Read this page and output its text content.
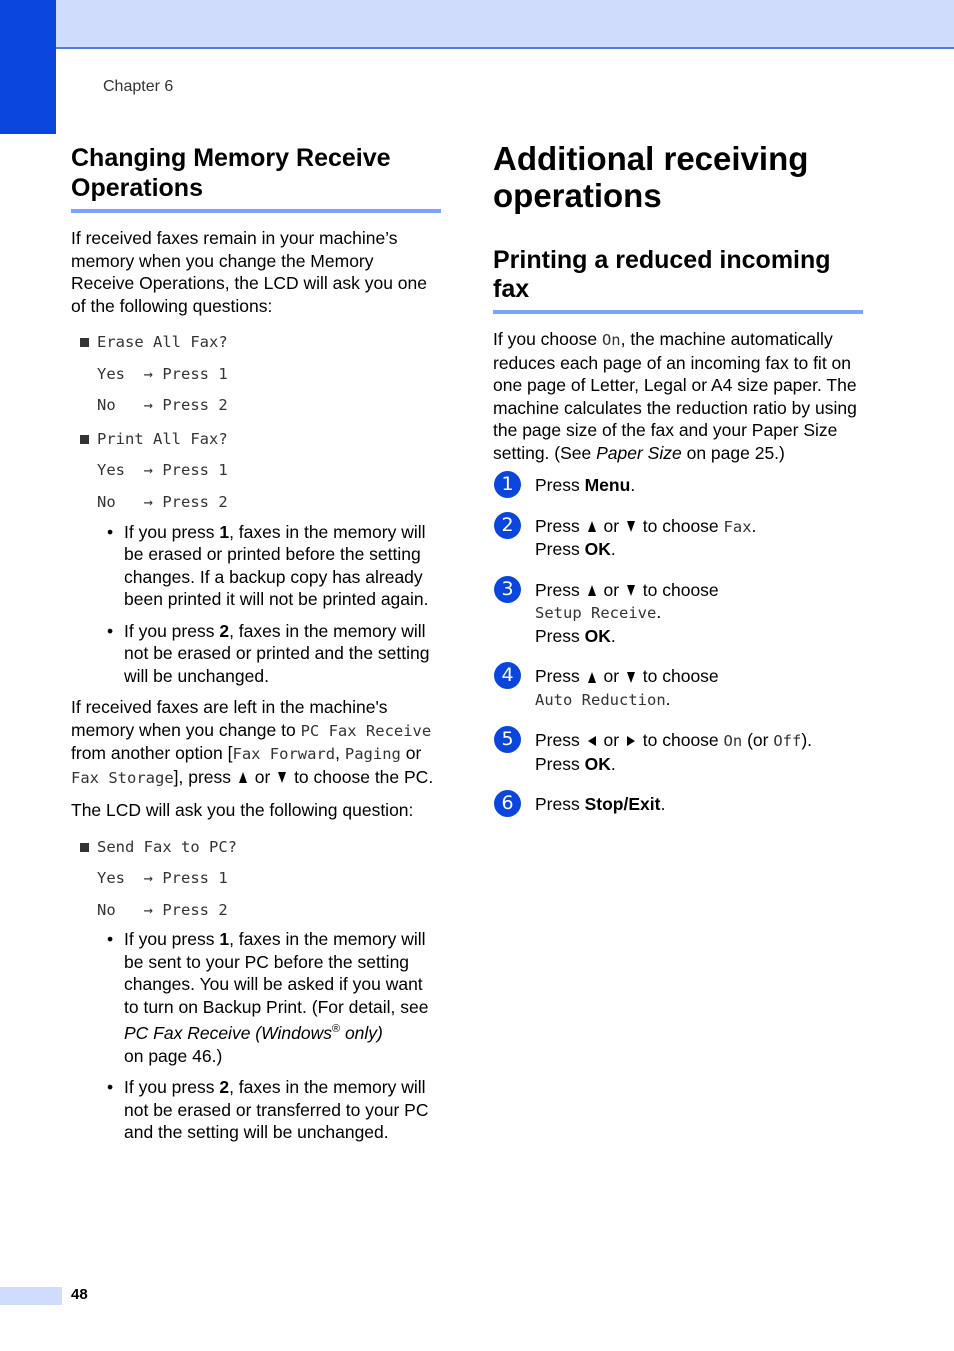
Chapter 6
Changing Memory Receive Operations

If received faxes remain in your machine’s memory when you change the Memory Receive Operations, the LCD will ask you one of the following questions:

Erase All Fax?
Yes  → Press 1
No   → Press 2
Print All Fax?
Yes  → Press 1
No   → Press 2
• If you press 1, faxes in the memory will be erased or printed before the setting changes. If a backup copy has already been printed it will not be printed again.
• If you press 2, faxes in the memory will not be erased or printed and the setting will be unchanged.

If received faxes are left in the machine's memory when you change to PC Fax Receive from another option [Fax Forward, Paging or Fax Storage], press  or  to choose the PC.

The LCD will ask you the following question:

Send Fax to PC?
Yes  → Press 1
No   → Press 2
• If you press 1, faxes in the memory will be sent to your PC before the setting changes. You will be asked if you want to turn on Backup Print. (For detail, see
PC Fax Receive (Windows® only)
on page 46.)
• If you press 2, faxes in the memory will not be erased or transferred to your PC and the setting will be unchanged.
Additional receiving operations
Printing a reduced incoming fax

If you choose On, the machine automatically reduces each page of an incoming fax to fit on one page of Letter, Legal or A4 size paper. The machine calculates the reduction ratio by using the page size of the fax and your Paper Size setting. (See Paper Size on page 25.)

1	Press Menu.
2	Press  or  to choose Fax.
Press OK.
3	Press  or  to choose
Setup Receive.
Press OK.
4	Press  or  to choose
Auto Reduction.
5	Press  or  to choose On (or Off).
Press OK.
6	Press Stop/Exit.
48
